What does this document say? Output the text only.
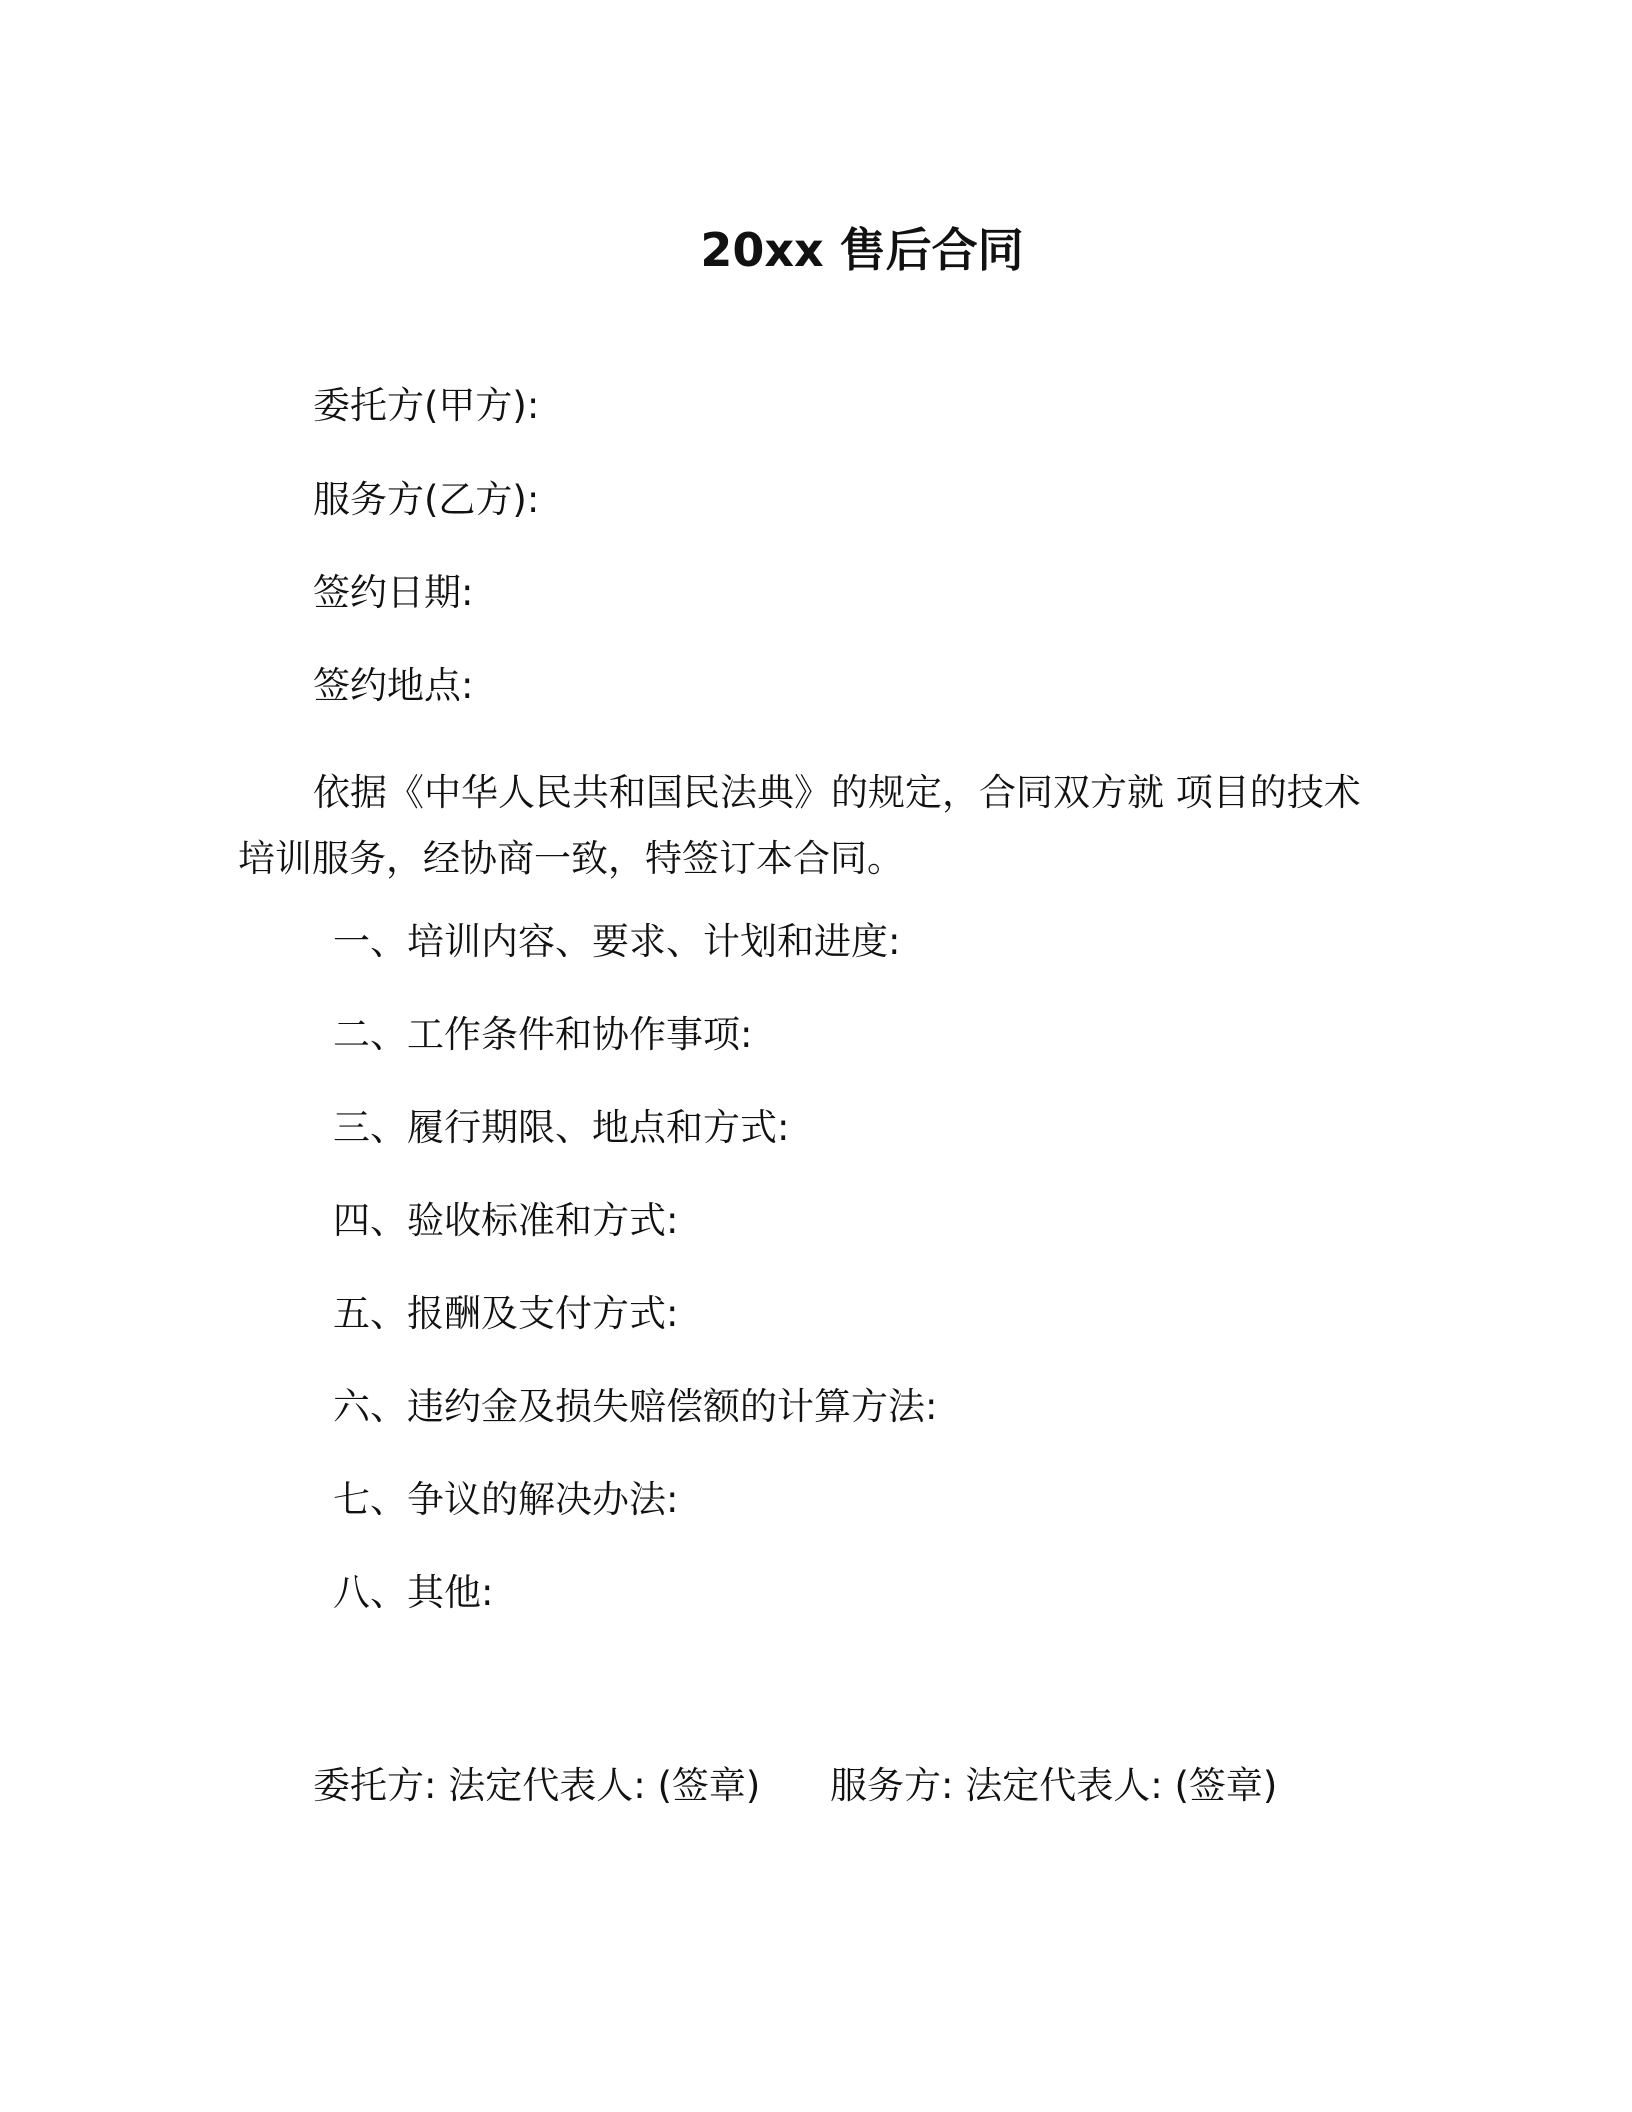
20xx 售后合同
委托方(甲方):
服务方(乙方):
签约日期:
签约地点:
依据《中华人民共和国民法典》的规定，合同双方就 项目的技术培训服务，经协商一致，特签订本合同。
一、培训内容、要求、计划和进度:
二、工作条件和协作事项:
三、履行期限、地点和方式:
四、验收标准和方式:
五、报酬及支付方式:
六、违约金及损失赔偿额的计算方法:
七、争议的解决办法:
八、其他:
委托方: 法定代表人: (签章) 服务方: 法定代表人: (签章)
